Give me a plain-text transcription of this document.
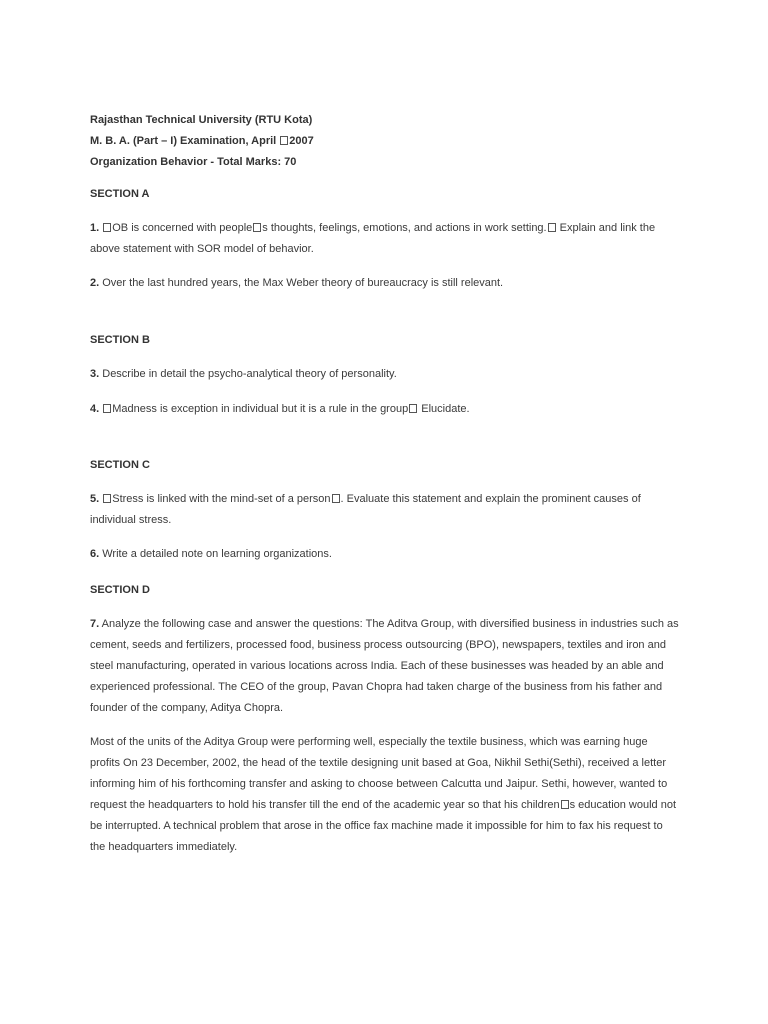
Rajasthan Technical University (RTU Kota)
M. B. A. (Part – I) Examination, April 2007
Organization Behavior - Total Marks: 70
SECTION A
1. OB is concerned with people s thoughts, feelings, emotions, and actions in work setting. Explain and link the above statement with SOR model of behavior.
2. Over the last hundred years, the Max Weber theory of bureaucracy is still relevant.
SECTION B
3. Describe in detail the psycho-analytical theory of personality.
4. Madness is exception in individual but it is a rule in the group Elucidate.
SECTION C
5. Stress is linked with the mind-set of a person . Evaluate this statement and explain the prominent causes of individual stress.
6. Write a detailed note on learning organizations.
SECTION D
7. Analyze the following case and answer the questions: The Aditva Group, with diversified business in industries such as cement, seeds and fertilizers, processed food, business process outsourcing (BPO), newspapers, textiles and iron and steel manufacturing, operated in various locations across India. Each of these businesses was headed by an able and experienced professional. The CEO of the group, Pavan Chopra had taken charge of the business from his father and founder of the company, Aditya Chopra.
Most of the units of the Aditya Group were performing well, especially the textile business, which was earning huge profits On 23 December, 2002, the head of the textile designing unit based at Goa, Nikhil Sethi(Sethi), received a letter informing him of his forthcoming transfer and asking to choose between Calcutta und Jaipur. Sethi, however, wanted to request the headquarters to hold his transfer till the end of the academic year so that his children s education would not be interrupted. A technical problem that arose in the office fax machine made it impossible for him to fax his request to the headquarters immediately.
